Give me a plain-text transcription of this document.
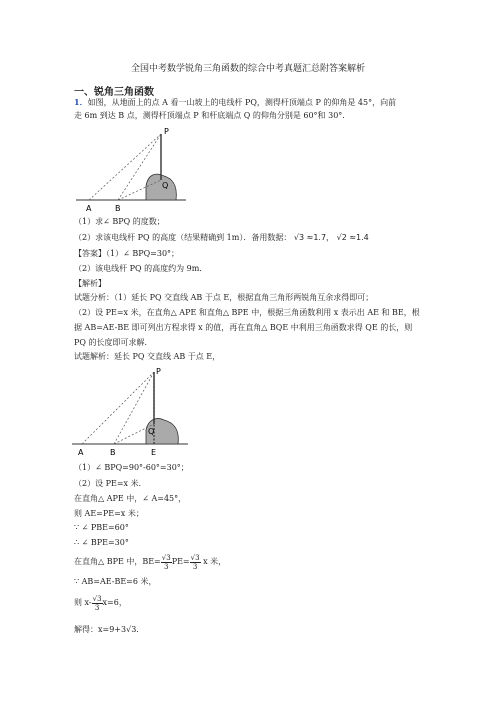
全国中考数学锐角三角函数的综合中考真题汇总附答案解析
一、锐角三角函数
1．如图，从地面上的点 A 看一山坡上的电线杆 PQ，测得杆顶端点 P 的仰角是 45°，向前
走 6m 到达 B 点，测得杆顶端点 P 和杆底端点 Q 的仰角分别是 60°和 30°.
P
Q
A	B
（1）求∠ BPQ 的度数；
（2）求该电线杆 PQ 的高度（结果精确到 1m）．备用数据： √3 ≈1.7， √2 ≈1.4
【答案】（1）∠ BPQ=30°；
（2）该电线杆 PQ 的高度约为 9m．
【解析】
试题分析：（1）延长 PQ 交直线 AB 于点 E，根据直角三角形两锐角互余求得即可；
（2）设 PE=x 米，在直角△ APE 和直角△ BPE 中，根据三角函数利用 x 表示出 AE 和 BE，根
据 AB=AE-BE 即可列出方程求得 x 的值，再在直角△ BQE 中利用三角函数求得 QE 的长，则
PQ 的长度即可求解．
试题解析：延长 PQ 交直线 AB 于点 E，
P
Q
A	B	E
（1）∠ BPQ=90°-60°=30°；
（2）设 PE=x 米．
在直角△ APE 中，∠ A=45°，
则 AE=PE=x 米；
∵ ∠ PBE=60°
∴ ∠ BPE=30°
在直角△ BPE 中，$BE= \frac{√3}{3} PE= \frac{√3}{3}$ x 米，
∵ AB=AE-BE=6 米，
则 $x- \frac{√3}{3} x=6$，
解得：x=9+3√3．
